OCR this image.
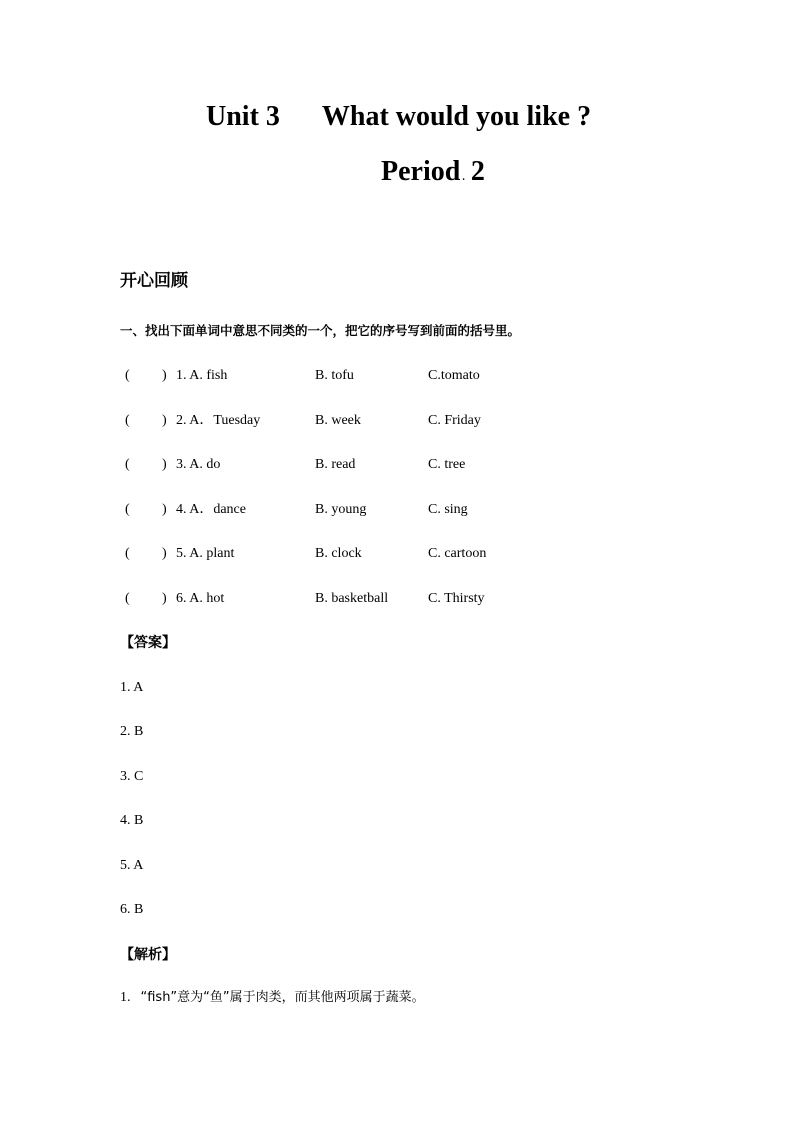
Unit 3 What would you like ?
Period . 2
开心回顾
一、找出下面单词中意思不同类的一个，把它的序号写到前面的括号里。
( ) 1. A. fish	B. tofu	C.tomato
( ) 2. A．Tuesday	B. week	C. Friday
( ) 3. A. do	B. read	C. tree
( ) 4. A．dance	B. young	C. sing
( ) 5. A. plant	B. clock	C. cartoon
( ) 6. A. hot	B. basketball	C. Thirsty
【答案】
1. A
2. B
3. C
4. B
5. A
6. B
【解析】
1. “fish”意为“鱼”属于肉类，而其他两项属于蔬菜。
